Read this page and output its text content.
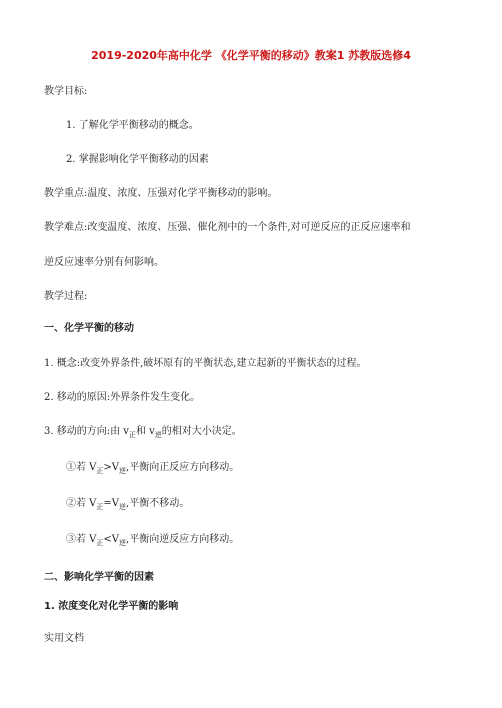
2019-2020年高中化学 《化学平衡的移动》教案1 苏教版选修4
教学目标:
1. 了解化学平衡移动的概念。
2. 掌握影响化学平衡移动的因素
教学重点:温度、浓度、压强对化学平衡移动的影响。
教学难点:改变温度、浓度、压强、催化剂中的一个条件,对可逆反应的正反应速率和
逆反应速率分别有何影响。
教学过程:
一、化学平衡的移动
1. 概念:改变外界条件,破坏原有的平衡状态,建立起新的平衡状态的过程。
2. 移动的原因:外界条件发生变化。
3. 移动的方向:由 $v_正$和 $v_逆$的相对大小决定。
①若 $V_正>V_逆$,平衡向正反应方向移动。
②若 $V_正=V_逆$,平衡不移动。
③若 $V_正<V_逆$,平衡向逆反应方向移动。
二、影响化学平衡的因素
1. 浓度变化对化学平衡的影响
实用文档
